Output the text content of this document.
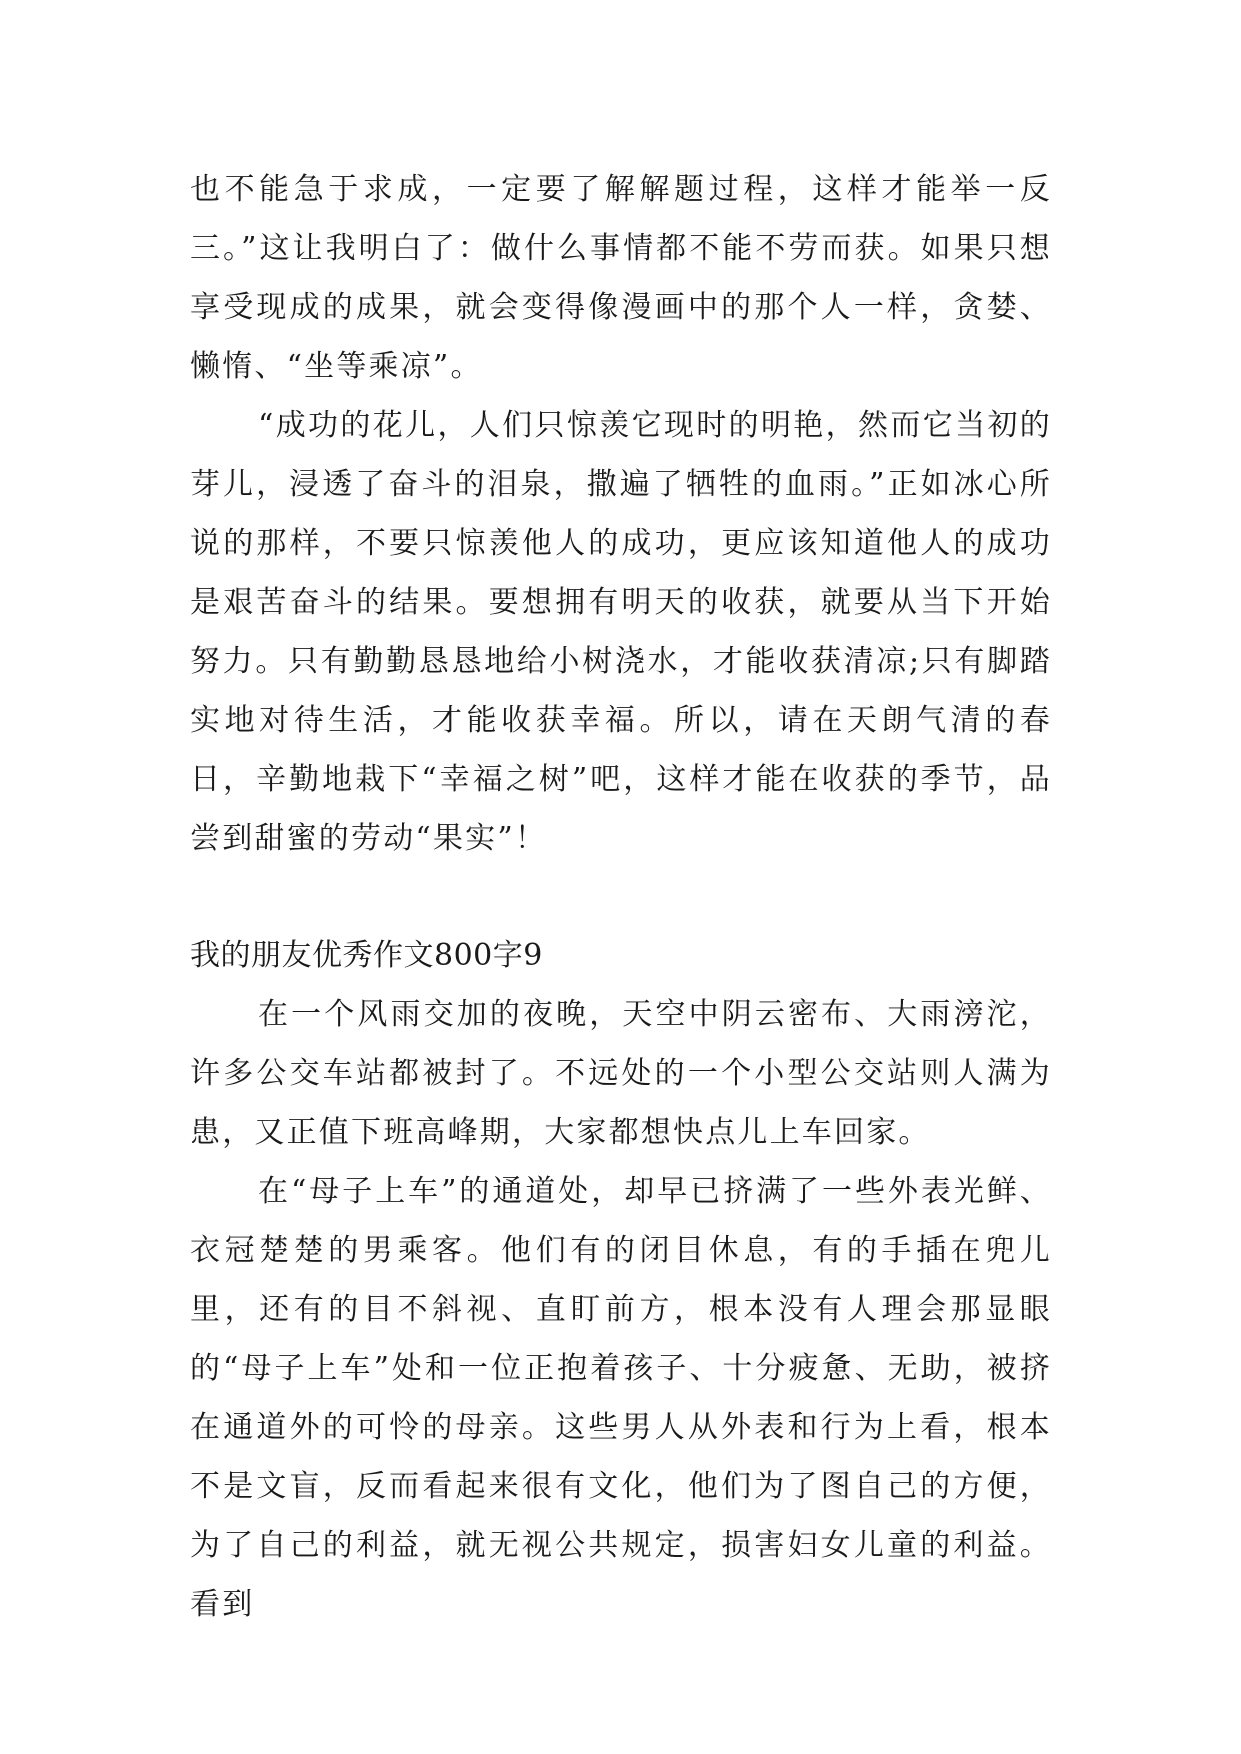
也不能急于求成，一定要了解解题过程，这样才能举一反三。”这让我明白了：做什么事情都不能不劳而获。如果只想享受现成的成果，就会变得像漫画中的那个人一样，贪婪、懒惰、“坐等乘凉”。

“成功的花儿，人们只惊羡它现时的明艳，然而它当初的芽儿，浸透了奋斗的泪泉，撒遍了牺牲的血雨。”正如冰心所说的那样，不要只惊羡他人的成功，更应该知道他人的成功是艰苦奋斗的结果。要想拥有明天的收获，就要从当下开始努力。只有勤勤恳恳地给小树浇水，才能收获清凉;只有脚踏实地对待生活，才能收获幸福。所以，请在天朗气清的春日，辛勤地栽下“幸福之树”吧，这样才能在收获的季节，品尝到甜蜜的劳动“果实”！

我的朋友优秀作文800字9

在一个风雨交加的夜晚，天空中阴云密布、大雨滂沱，许多公交车站都被封了。不远处的一个小型公交站则人满为患，又正值下班高峰期，大家都想快点儿上车回家。

在“母子上车”的通道处，却早已挤满了一些外表光鲜、衣冠楚楚的男乘客。他们有的闭目休息，有的手插在兜儿里，还有的目不斜视、直盯前方，根本没有人理会那显眼的“母子上车”处和一位正抱着孩子、十分疲惫、无助，被挤在通道外的可怜的母亲。这些男人从外表和行为上看，根本不是文盲，反而看起来很有文化，他们为了图自己的方便，为了自己的利益，就无视公共规定，损害妇女儿童的利益。看到
